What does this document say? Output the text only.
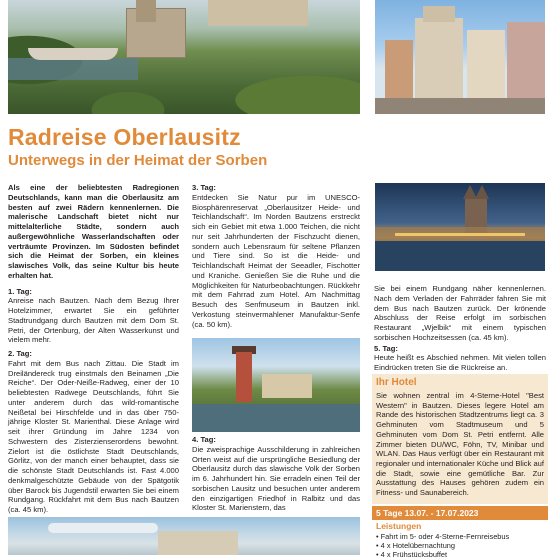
Radreise Oberlausitz
Unterwegs in der Heimat der Sorben

Als eine der beliebtesten Radregionen Deutschlands, kann man die Oberlausitz am besten auf zwei Rädern kennenlernen. Die malerische Landschaft bietet nicht nur mittelalterliche Städte, sondern auch außergewöhnliche Wasserlandschaften oder verträumte Provinzen. Im Südosten befindet sich die Heimat der Sorben, ein kleines slawisches Volk, das seine Kultur bis heute erhalten hat.

1. Tag:

Anreise nach Bautzen. Nach dem Bezug Ihrer Hotelzimmer, erwartet Sie ein geführter Stadtrundgang durch Bautzen mit dem Dom St. Petri, der Ortenburg, der Alten Wasserkunst und vielem mehr.

2. Tag:

Fahrt mit dem Bus nach Zittau. Die Stadt im Dreiländereck trug einstmals den Beinamen „Die Reiche“. Der Oder-Neiße-Radweg, einer der 10 beliebtesten Radwege Deutschlands, führt Sie unter anderem durch das wild-romantische Neißetal bei Hirschfelde und in das über 750-jährige Kloster St. Marienthal. Diese Anlage wird seit ihrer Gründung im Jahre 1234 von Schwestern des Zisterzienserordens bewohnt. Zielort ist die östlichste Stadt Deutschlands, Görlitz, von der manch einer behauptet, dass sie die schönste Stadt Deutschlands ist. Fast 4.000 denkmalgeschützte Gebäude von der Spätgotik über Barock bis Jugendstil erwarten Sie bei einem Rundgang. Rückfahrt mit dem Bus nach Bautzen (ca. 45 km).

3. Tag:

Entdecken Sie Natur pur im UNESCO-Biosphärenreservat „Oberlausitzer Heide- und Teichlandschaft“. Im Norden Bautzens erstreckt sich ein Gebiet mit etwa 1.000 Teichen, die nicht nur seit Jahrhunderten der Fischzucht dienen, sondern auch Lebensraum für seltene Pflanzen und Tiere sind. So ist die Heide- und Teichlandschaft Heimat der Seeadler, Fischotter und Kraniche. Genießen Sie die Ruhe und die Möglichkeiten für Naturbeobachtungen. Rückkehr mit dem Fahrrad zum Hotel. Am Nachmittag Besuch des Senfmuseum in Bautzen inkl. Verkostung steinvermahlener Manufaktur-Senfe (ca. 50 km).

4. Tag:

Die zweisprachige Ausschilderung in zahlreichen Orten weist auf die ursprüngliche Besiedlung der Oberlausitz durch das slawische Volk der Sorben im 6. Jahrhundert hin. Sie erradeln einen Teil der sorbischen Lausitz und besuchen unter anderem den einzigartigen Friedhof in Ralbitz und das Kloster St. Marienstern, das

Sie bei einem Rundgang näher kennenlernen. Nach dem Verladen der Fahrräder fahren Sie mit dem Bus nach Bautzen zurück. Der krönende Abschluss der Reise erfolgt im sorbischen Restaurant „Wjelbik“ mit einem typischen sorbischen Hochzeitsessen (ca. 45 km).

5. Tag:

Heute heißt es Abschied nehmen. Mit vielen tollen Eindrücken treten Sie die Rückreise an.

Ihr Hotel
Sie wohnen zentral im 4-Sterne-Hotel "Best Western" in Bautzen. Dieses legere Hotel am Rande des historischen Stadtzentrums liegt ca. 3 Gehminuten vom Stadtmuseum und 5 Gehminuten vom Dom St. Petri entfernt. Alle Zimmer bieten DU/WC, Föhn, TV, Minibar und WLAN. Das Haus verfügt über ein Restaurant mit regionaler und internationaler Küche und Blick auf die Stadt, sowie eine gemütliche Bar. Zur Ausstattung des Hauses gehören zudem ein Fitness- und Saunabereich.
5 Tage 13.07. - 17.07.2023
Leistungen
• Fahrt im 5- oder 4-Sterne-Fernreisebus
• 4 x Hotelübernachtung
• 4 x Frühstücksbuffet
